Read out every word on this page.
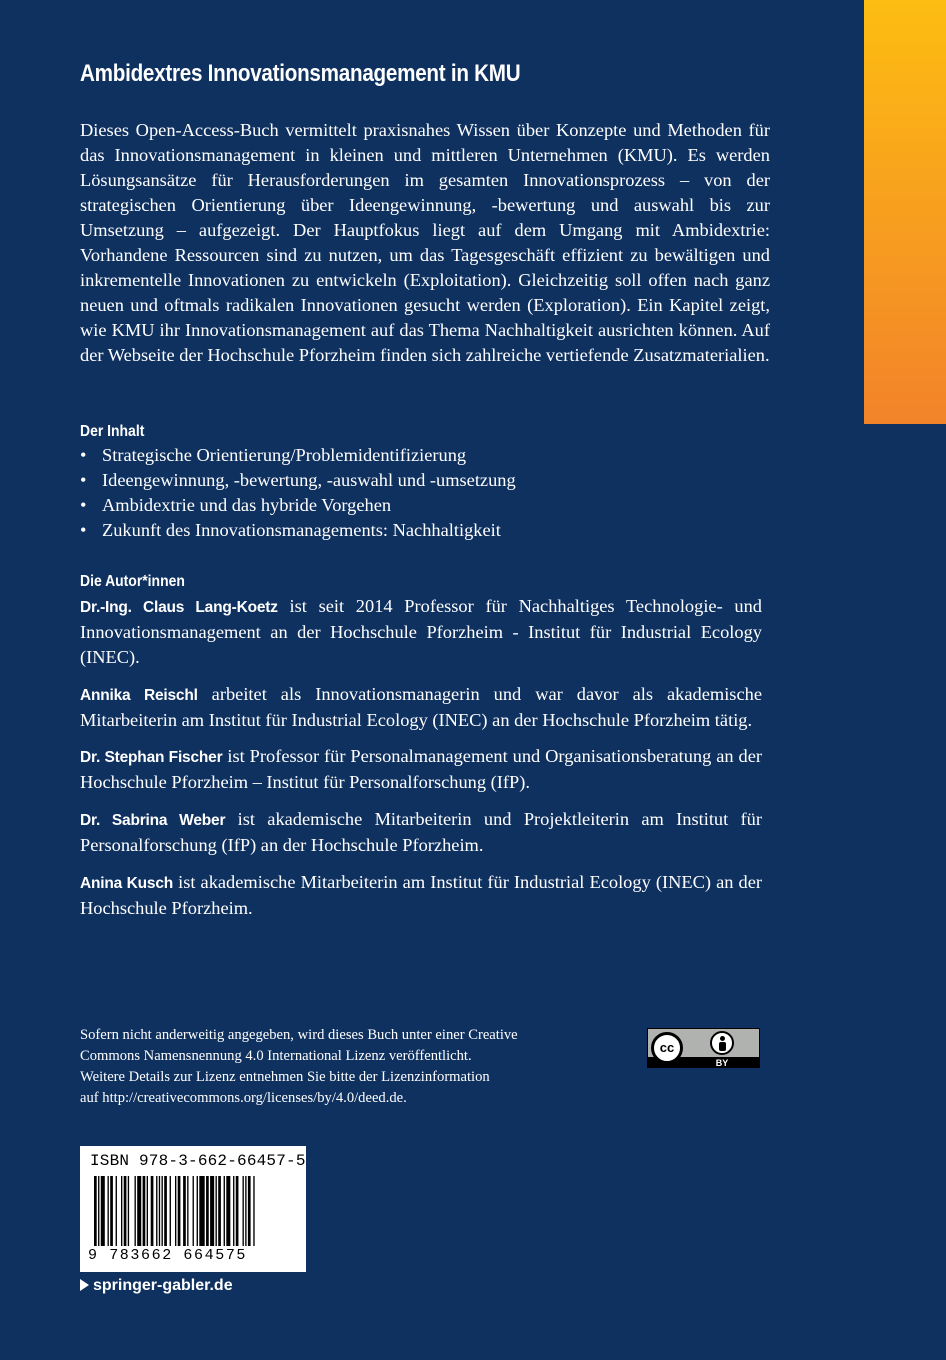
Ambidextres Innovationsmanagement in KMU

Dieses Open-Access-Buch vermittelt praxisnahes Wissen über Konzepte und Methoden für das Innovationsmanagement in kleinen und mittleren Unternehmen (KMU). Es werden Lösungsansätze für Herausforderungen im gesamten Innovationsprozess – von der strategischen Orientierung über Ideengewinnung, -bewertung und auswahl bis zur Umsetzung – aufgezeigt. Der Hauptfokus liegt auf dem Umgang mit Ambidextrie: Vorhandene Ressourcen sind zu nutzen, um das Tagesgeschäft effizient zu bewältigen und inkrementelle Innovationen zu entwickeln (Exploitation). Gleichzeitig soll offen nach ganz neuen und oftmals radikalen Innovationen gesucht werden (Exploration). Ein Kapitel zeigt, wie KMU ihr Innovationsmanagement auf das Thema Nachhaltigkeit ausrichten können. Auf der Webseite der Hochschule Pforzheim finden sich zahlreiche vertiefende Zusatzmaterialien.

Der Inhalt
• Strategische Orientierung/Problemidentifizierung
• Ideengewinnung, -bewertung, -auswahl und -umsetzung
• Ambidextrie und das hybride Vorgehen
• Zukunft des Innovationsmanagements: Nachhaltigkeit
Die Autor*innen

Dr.-Ing. Claus Lang-Koetz ist seit 2014 Professor für Nachhaltiges Technologie- und Innovationsmanagement an der Hochschule Pforzheim - Institut für Industrial Ecology (INEC).

Annika Reischl arbeitet als Innovationsmanagerin und war davor als akademische Mitarbeiterin am Institut für Industrial Ecology (INEC) an der Hochschule Pforzheim tätig.

Dr. Stephan Fischer ist Professor für Personalmanagement und Organisationsberatung an der Hochschule Pforzheim – Institut für Personalforschung (IfP).

Dr. Sabrina Weber ist akademische Mitarbeiterin und Projektleiterin am Institut für Personalforschung (IfP) an der Hochschule Pforzheim.

Anina Kusch ist akademische Mitarbeiterin am Institut für Industrial Ecology (INEC) an der Hochschule Pforzheim.

Sofern nicht anderweitig angegeben, wird dieses Buch unter einer Creative
Commons Namensnennung 4.0 International Lizenz veröffentlicht.
Weitere Details zur Lizenz entnehmen Sie bitte der Lizenzinformation
auf http://creativecommons.org/licenses/by/4.0/deed.de.

cc
BY
ISBN 978-3-662-66457-5
9 783662 664575

springer-gabler.de
